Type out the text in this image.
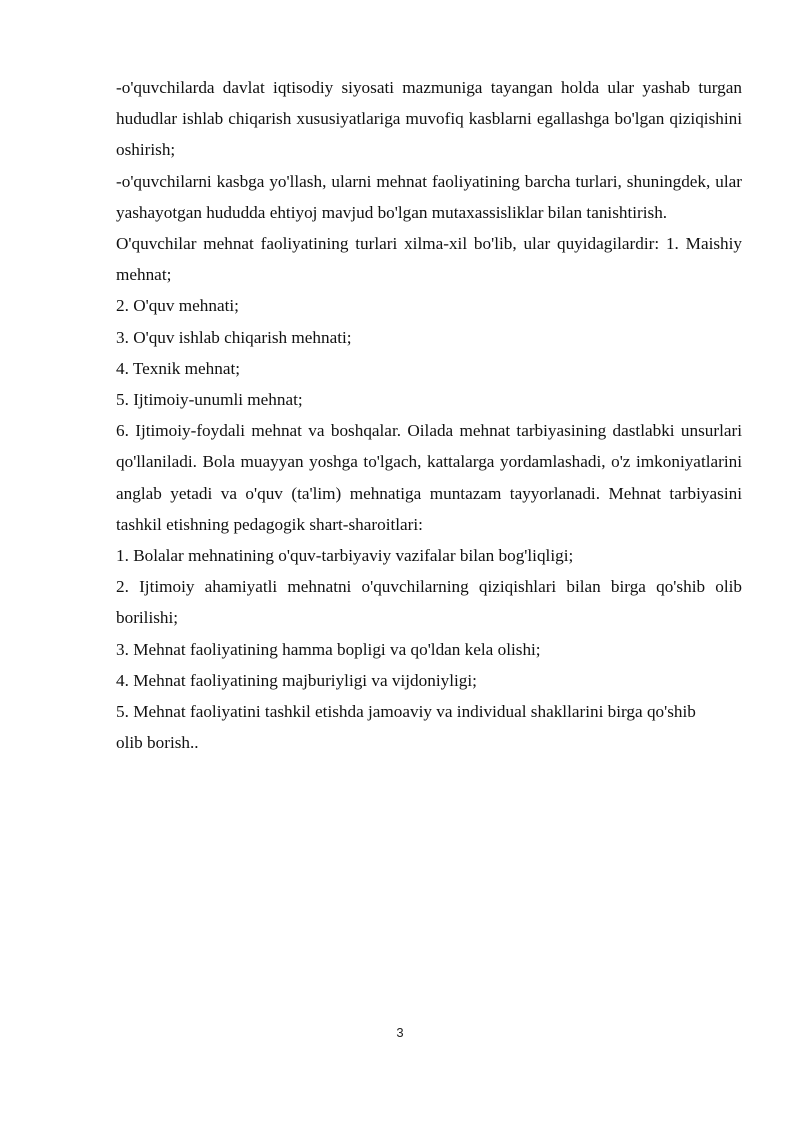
-o'quvchilarda davlat iqtisodiy siyosati mazmuniga tayangan holda ular yashab turgan hududlar ishlab chiqarish xususiyatlariga muvofiq kasblarni egallashga bo'lgan qiziqishini oshirish;

-o'quvchilarni kasbga yo'llash, ularni mehnat faoliyatining barcha turlari, shuningdek, ular yashayotgan hududda ehtiyoj mavjud bo'lgan mutaxassisliklar bilan tanishtirish.

O'quvchilar mehnat faoliyatining turlari xilma-xil bo'lib, ular quyidagilardir: 1. Maishiy mehnat;

2. O'quv mehnati;

3. O'quv ishlab chiqarish mehnati;

4. Texnik mehnat;

5. Ijtimoiy-unumli mehnat;

6. Ijtimoiy-foydali mehnat va boshqalar. Oilada mehnat tarbiyasining dastlabki unsurlari qo'llaniladi. Bola muayyan yoshga to'lgach, kattalarga yordamlashadi, o'z imkoniyatlarini anglab yetadi va o'quv (ta'lim) mehnatiga muntazam tayyorlanadi. Mehnat tarbiyasini tashkil etishning pedagogik shart-sharoitlari:

1. Bolalar mehnatining o'quv-tarbiyaviy vazifalar bilan bog'liqligi;

2. Ijtimoiy ahamiyatli mehnatni o'quvchilarning qiziqishlari bilan birga qo'shib olib borilishi;

3. Mehnat faoliyatining hamma bopligi va qo'ldan kela olishi;

4. Mehnat faoliyatining majburiyligi va vijdoniyligi;

5. Mehnat faoliyatini tashkil etishda jamoaviy va individual shakllarini birga qo'shib olib borish..

3
